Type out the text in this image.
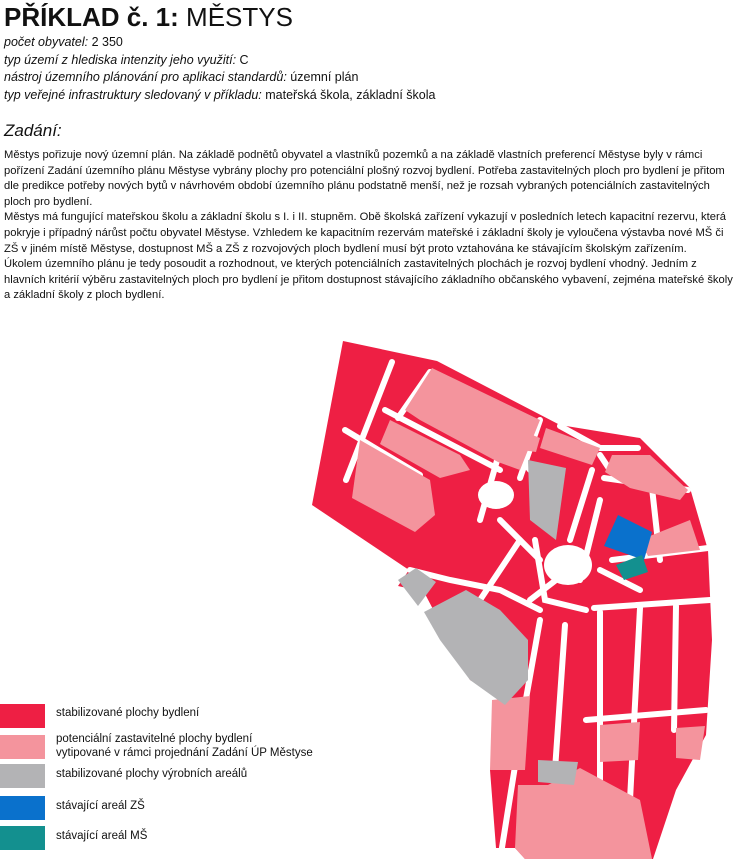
PŘÍKLAD č. 1: MĚSTYS
počet obyvatel: 2 350
typ území z hlediska intenzity jeho využití: C
nástroj územního plánování pro aplikaci standardů: územní plán
typ veřejné infrastruktury sledovaný v příkladu: mateřská škola, základní škola
Zadání:

Městys pořizuje nový územní plán. Na základě podnětů obyvatel a vlastníků pozemků a na základě vlastních preferencí Městyse byly v rámci pořízení Zadání územního plánu Městyse vybrány plochy pro potenciální plošný rozvoj bydlení. Potřeba zastavitelných ploch pro bydlení je přitom dle predikce potřeby nových bytů v návrhovém období územního plánu podstatně menší, než je rozsah vybraných potenciálních zastavitelných ploch pro bydlení.

Městys má fungující mateřskou školu a základní školu s I. i II. stupněm. Obě školská zařízení vykazují v posledních letech kapacitní rezervu, která pokryje i případný nárůst počtu obyvatel Městyse. Vzhledem ke kapacitním rezervám mateřské i základní školy je vyloučena výstavba nové MŠ či ZŠ v jiném místě Městyse, dostupnost MŠ a ZŠ z rozvojových ploch bydlení musí být proto vztahována ke stávajícím školským zařízením.

Úkolem územního plánu je tedy posoudit a rozhodnout, ve kterých potenciálních zastavitelných plochách je rozvoj bydlení vhodný. Jedním z hlavních kritérií výběru zastavitelných ploch pro bydlení je přitom dostupnost stávajícího základního občanského vybavení, zejména mateřské školy a základní školy z ploch bydlení.

stabilizované plochy bydlení
potenciální zastavitelné plochy bydlení
vytipované v rámci projednání Zadání ÚP Městyse
stabilizované plochy výrobních areálů
stávající areál ZŠ
stávající areál MŠ
